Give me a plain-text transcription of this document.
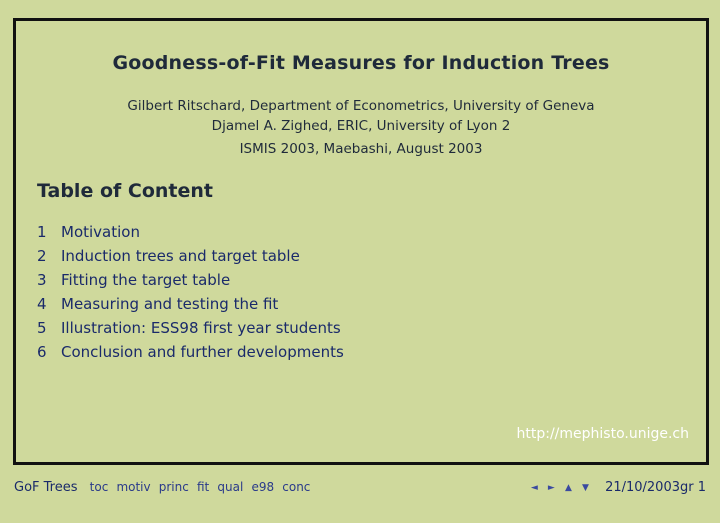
Goodness-of-Fit Measures for Induction Trees
Gilbert Ritschard, Department of Econometrics, University of Geneva
Djamel A. Zighed, ERIC, University of Lyon 2
ISMIS 2003, Maebashi, August 2003
Table of Content
1 Motivation
2 Induction trees and target table
3 Fitting the target table
4 Measuring and testing the fit
5 Illustration: ESS98 first year students
6 Conclusion and further developments
http://mephisto.unige.ch
GoF Trees toc motiv princ fit qual e98 conc	◄ ► ▲ ▼ 21/10/2003gr 1
